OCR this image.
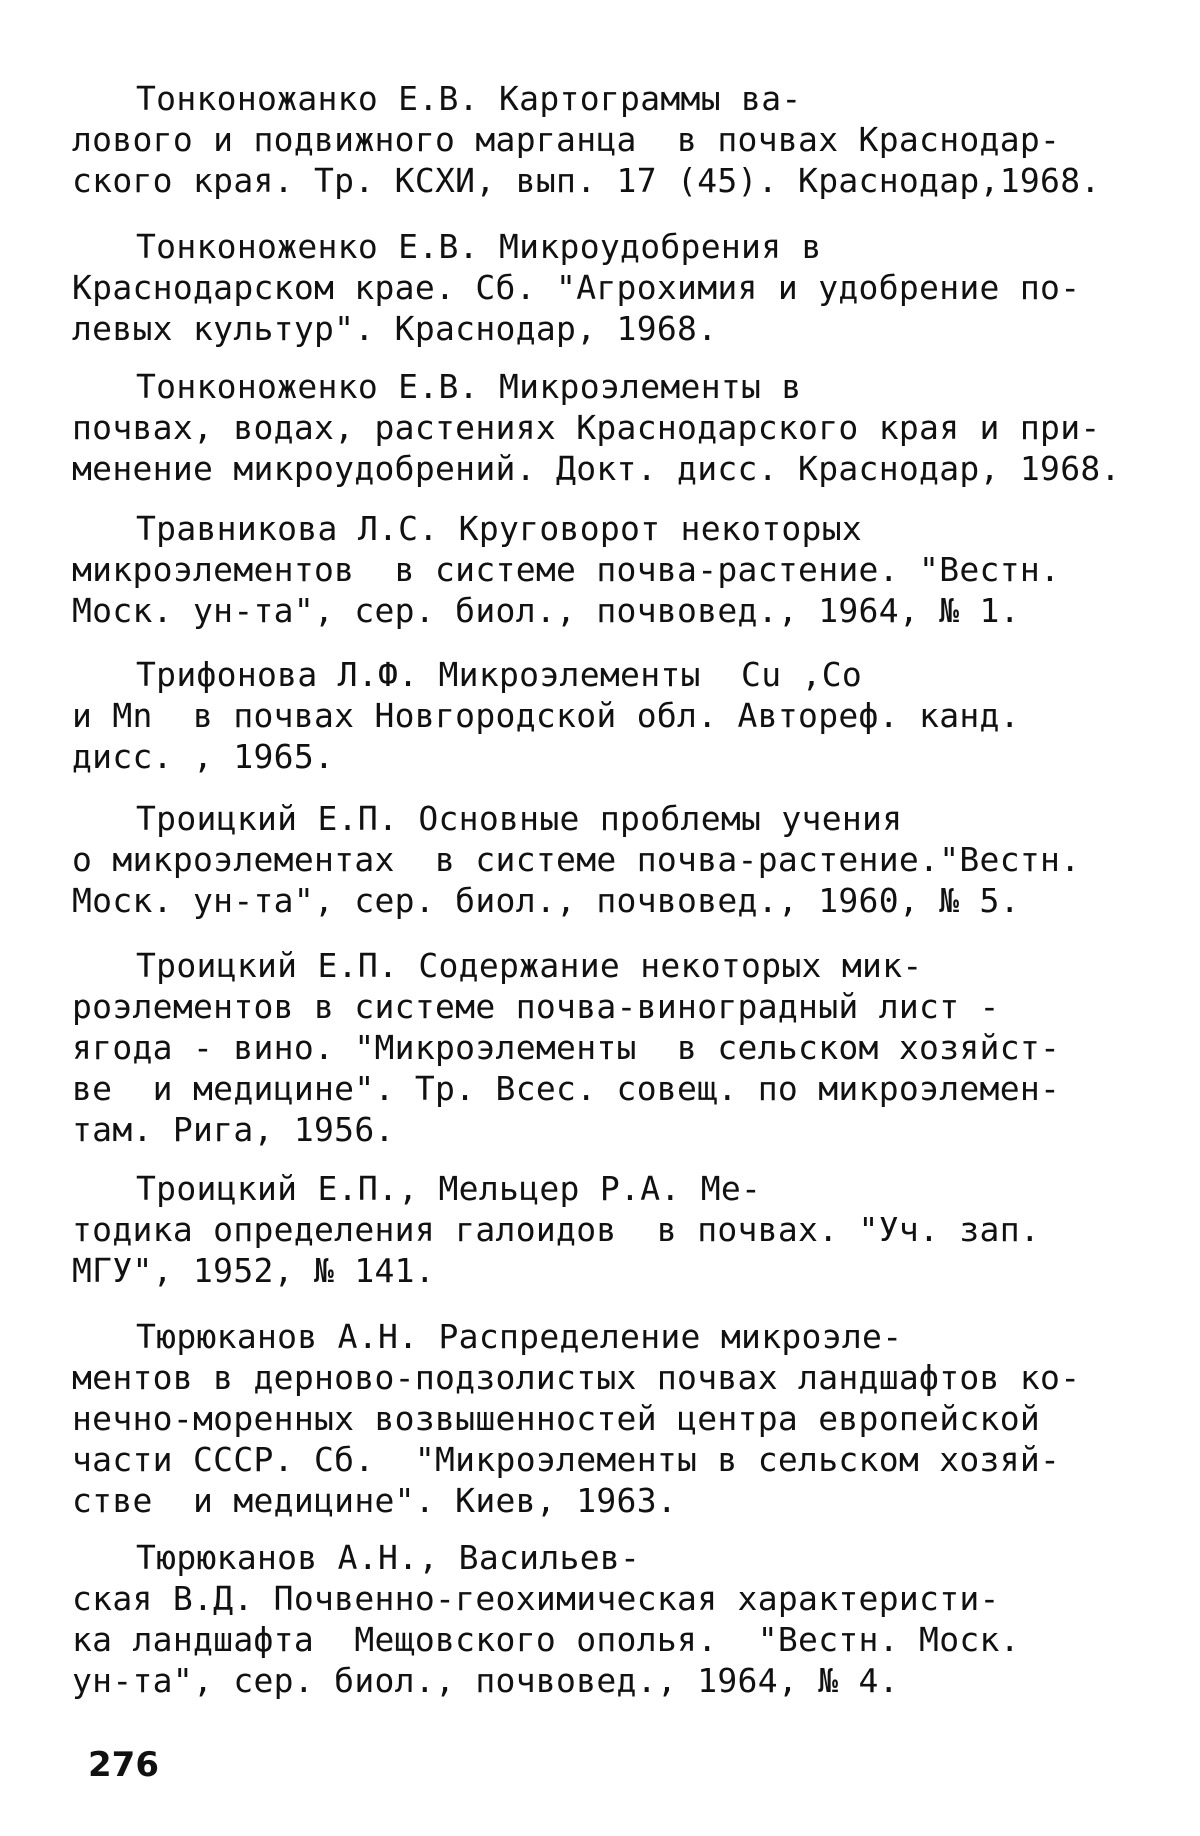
Тонконожанко Е.В. Картограммы ва-
лового и подвижного марганца  в почвах Краснодар-
ского края. Тр. КСХИ, вып. 17 (45). Краснодар,1968.
Тонконоженко Е.В. Микроудобрения в
Краснодарском крае. Сб. "Агрохимия и удобрение по-
левых культур". Краснодар, 1968.
Тонконоженко Е.В. Микроэлементы в
почвах, водах, растениях Краснодарского края и при-
менение микроудобрений. Докт. дисс. Краснодар, 1968.
Травникова Л.С. Круговорот некоторых
микроэлементов  в системе почва-растение. "Вестн.
Моск. ун-та", сер. биол., почвовед., 1964, № 1.
Трифонова Л.Ф. Микроэлементы  Cu ,Co
и Mn  в почвах Новгородской обл. Автореф. канд.
дисс. , 1965.
Троицкий Е.П. Основные проблемы учения
о микроэлементах  в системе почва-растение."Вестн.
Моск. ун-та", сер. биол., почвовед., 1960, № 5.
Троицкий Е.П. Содержание некоторых мик-
роэлементов в системе почва-виноградный лист -
ягода - вино. "Микроэлементы  в сельском хозяйст-
ве  и медицине". Тр. Всес. совещ. по микроэлемен-
там. Рига, 1956.
Троицкий Е.П., Мельцер Р.А. Ме-
тодика определения галоидов  в почвах. "Уч. зап.
МГУ", 1952, № 141.
Тюрюканов А.Н. Распределение микроэле-
ментов в дерново-подзолистых почвах ландшафтов ко-
нечно-моренных возвышенностей центра европейской
части СССР. Сб.  "Микроэлементы в сельском хозяй-
стве  и медицине". Киев, 1963.
Тюрюканов А.Н., Васильев-
ская В.Д. Почвенно-геохимическая характеристи-
ка ландшафта  Мещовского ополья.  "Вестн. Моск.
ун-та", сер. биол., почвовед., 1964, № 4.
276
